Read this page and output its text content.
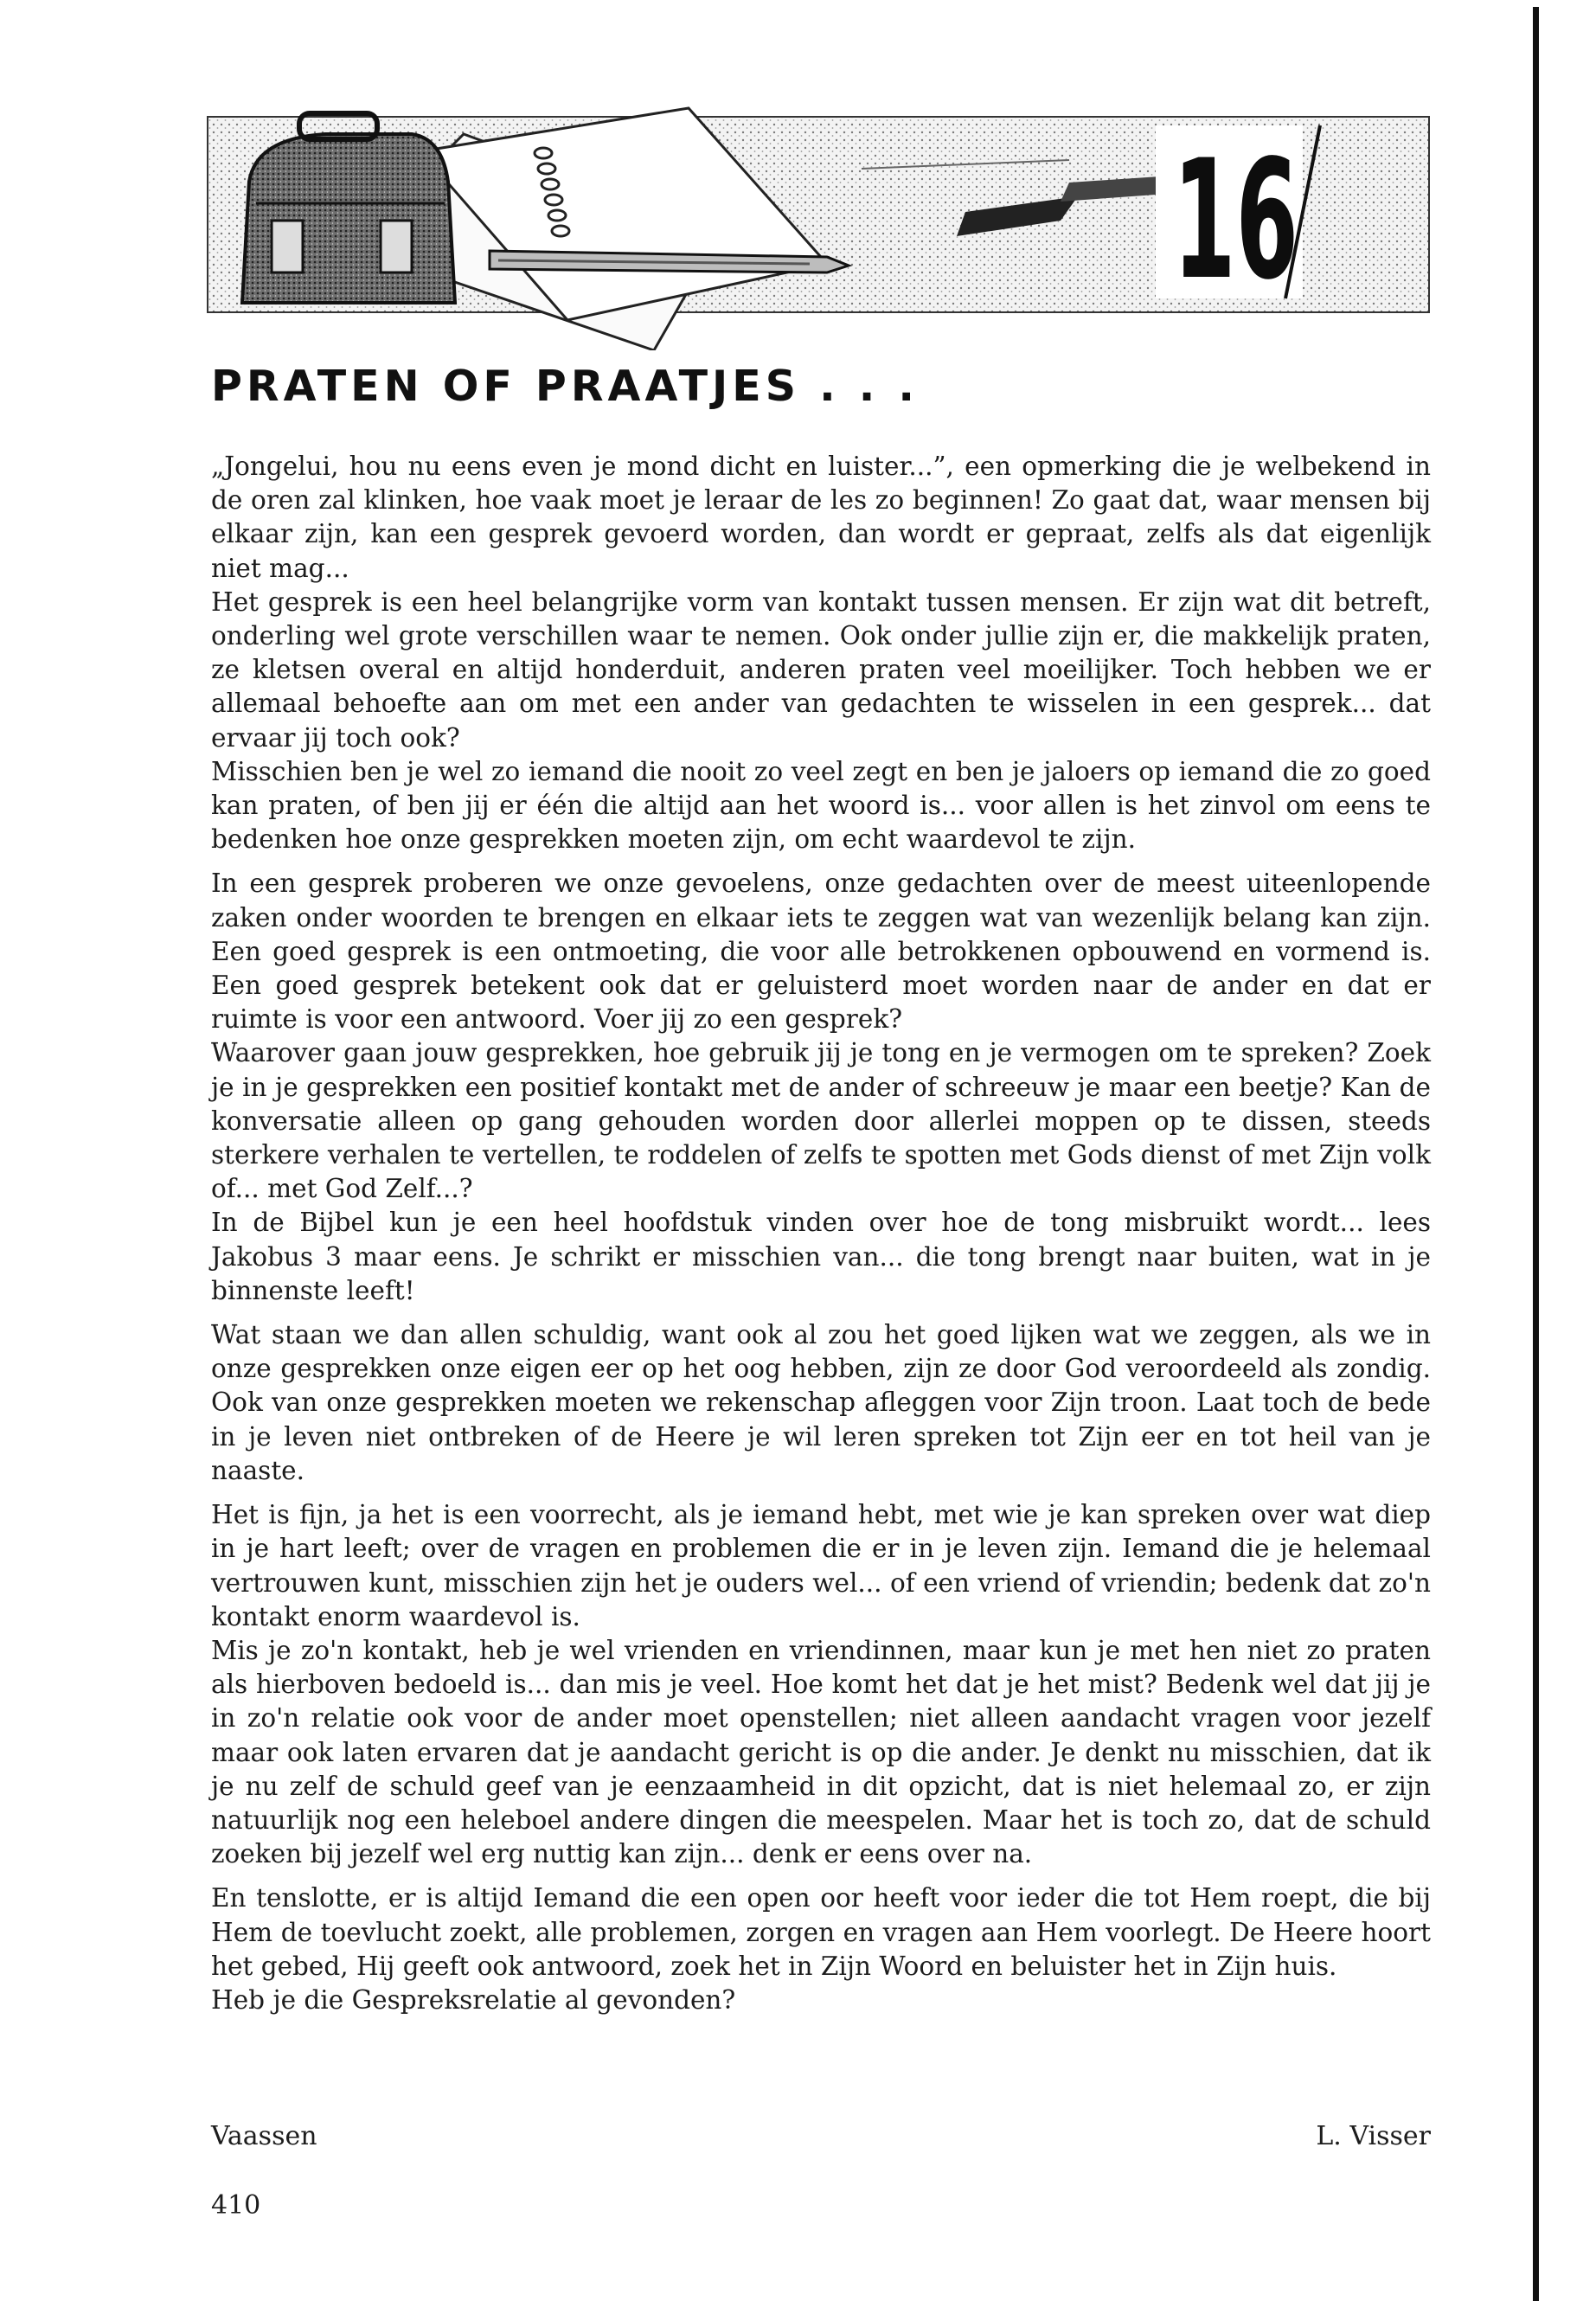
16
PRATEN OF PRAATJES . . .

„Jongelui, hou nu eens even je mond dicht en luister...”, een opmerking die je welbekend in de oren zal klinken, hoe vaak moet je leraar de les zo beginnen! Zo gaat dat, waar mensen bij elkaar zijn, kan een gesprek gevoerd worden, dan wordt er gepraat, zelfs als dat eigenlijk niet mag...

Het gesprek is een heel belangrijke vorm van kontakt tussen mensen. Er zijn wat dit betreft, onderling wel grote verschillen waar te nemen. Ook onder jullie zijn er, die makkelijk praten, ze kletsen overal en altijd honderduit, anderen praten veel moeilijker. Toch hebben we er allemaal behoefte aan om met een ander van gedachten te wisselen in een gesprek... dat ervaar jij toch ook?

Misschien ben je wel zo iemand die nooit zo veel zegt en ben je jaloers op iemand die zo goed kan praten, of ben jij er één die altijd aan het woord is... voor allen is het zinvol om eens te bedenken hoe onze gesprekken moeten zijn, om echt waardevol te zijn.

In een gesprek proberen we onze gevoelens, onze gedachten over de meest uiteenlopende zaken onder woorden te brengen en elkaar iets te zeggen wat van wezenlijk belang kan zijn. Een goed gesprek is een ontmoeting, die voor alle betrokkenen opbouwend en vormend is. Een goed gesprek betekent ook dat er geluisterd moet worden naar de ander en dat er ruimte is voor een antwoord. Voer jij zo een gesprek?

Waarover gaan jouw gesprekken, hoe gebruik jij je tong en je vermogen om te spreken? Zoek je in je gesprekken een positief kontakt met de ander of schreeuw je maar een beetje? Kan de konversatie alleen op gang gehouden worden door allerlei moppen op te dissen, steeds sterkere verhalen te vertellen, te roddelen of zelfs te spotten met Gods dienst of met Zijn volk of... met God Zelf...?

In de Bijbel kun je een heel hoofdstuk vinden over hoe de tong misbruikt wordt... lees Jakobus 3 maar eens. Je schrikt er misschien van... die tong brengt naar buiten, wat in je binnenste leeft!

Wat staan we dan allen schuldig, want ook al zou het goed lijken wat we zeggen, als we in onze gesprekken onze eigen eer op het oog hebben, zijn ze door God veroordeeld als zondig. Ook van onze gesprekken moeten we rekenschap afleggen voor Zijn troon. Laat toch de bede in je leven niet ontbreken of de Heere je wil leren spreken tot Zijn eer en tot heil van je naaste.

Het is fijn, ja het is een voorrecht, als je iemand hebt, met wie je kan spreken over wat diep in je hart leeft; over de vragen en problemen die er in je leven zijn. Iemand die je helemaal vertrouwen kunt, misschien zijn het je ouders wel... of een vriend of vriendin; bedenk dat zo'n kontakt enorm waardevol is.

Mis je zo'n kontakt, heb je wel vrienden en vriendinnen, maar kun je met hen niet zo praten als hierboven bedoeld is... dan mis je veel. Hoe komt het dat je het mist? Bedenk wel dat jij je in zo'n relatie ook voor de ander moet openstellen; niet alleen aandacht vragen voor jezelf maar ook laten ervaren dat je aandacht gericht is op die ander. Je denkt nu misschien, dat ik je nu zelf de schuld geef van je eenzaamheid in dit opzicht, dat is niet helemaal zo, er zijn natuurlijk nog een heleboel andere dingen die meespelen. Maar het is toch zo, dat de schuld zoeken bij jezelf wel erg nuttig kan zijn... denk er eens over na.

En tenslotte, er is altijd Iemand die een open oor heeft voor ieder die tot Hem roept, die bij Hem de toevlucht zoekt, alle problemen, zorgen en vragen aan Hem voorlegt. De Heere hoort het gebed, Hij geeft ook antwoord, zoek het in Zijn Woord en beluister het in Zijn huis.

Heb je die Gespreksrelatie al gevonden?

Vaassen	L. Visser
410
